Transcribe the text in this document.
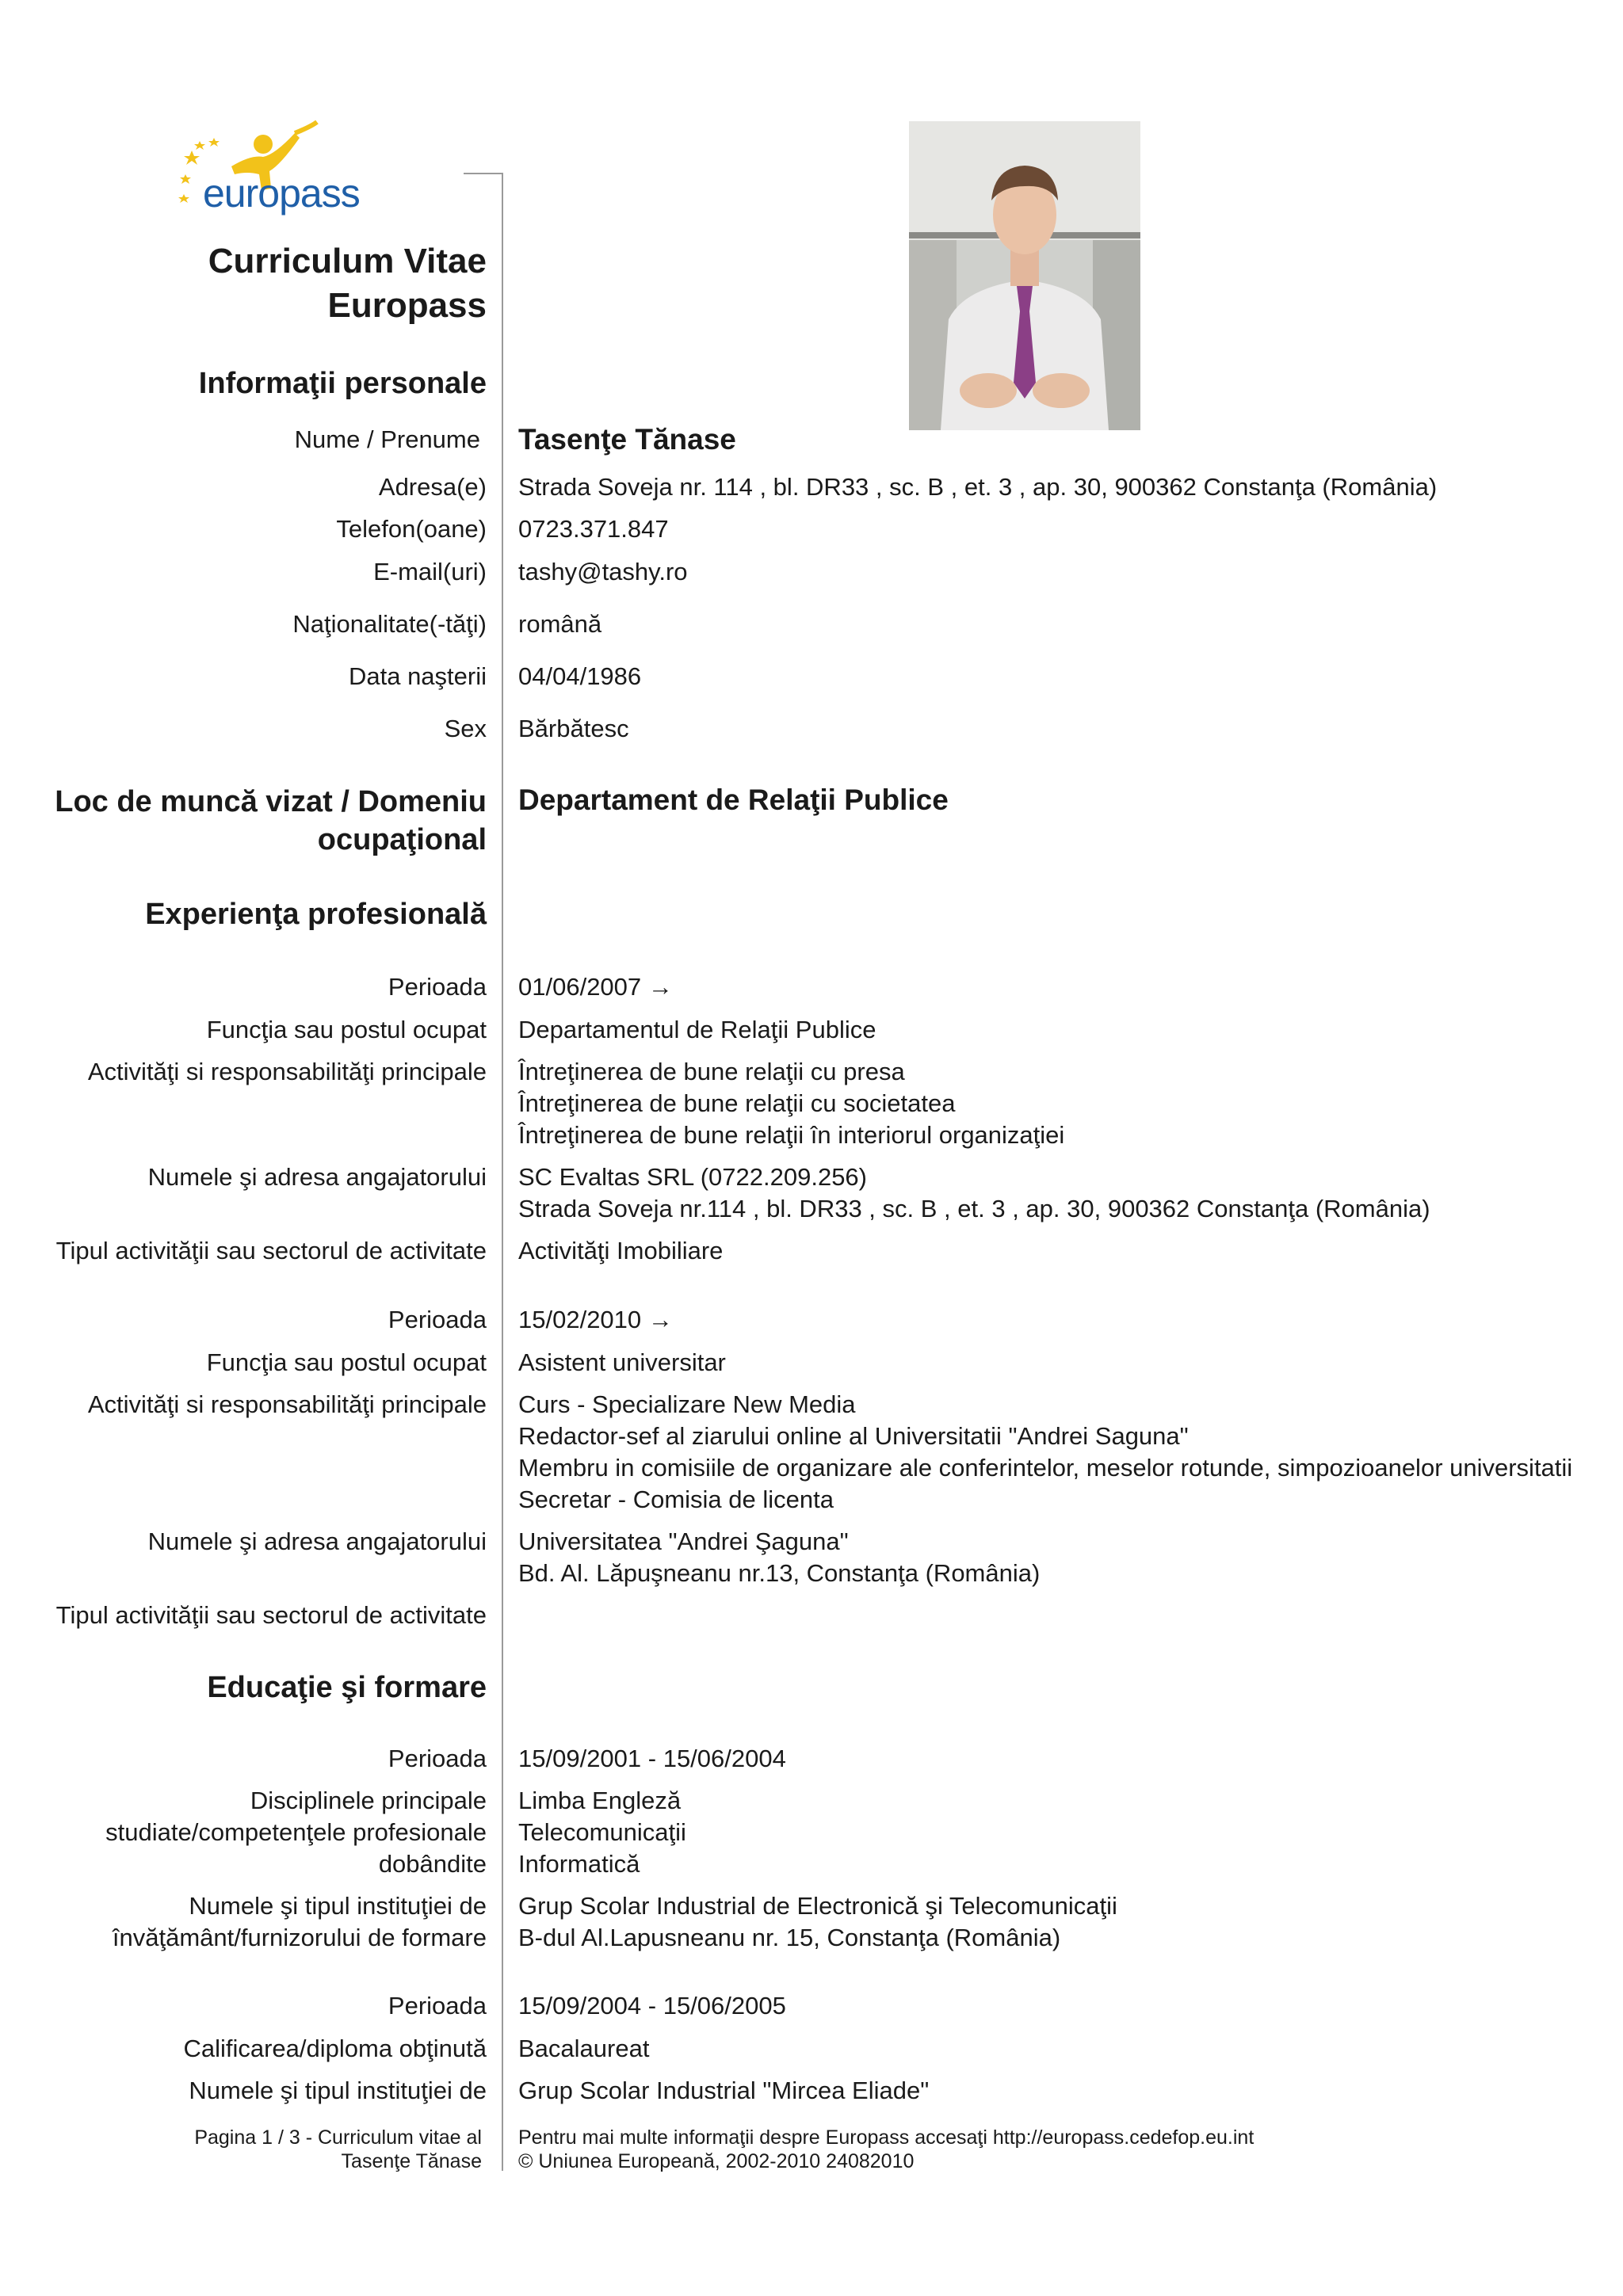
europass
Curriculum Vitae
Europass
Informaţii personale
Nume / Prenume Tasenţe Tănase
Adresa(e) Strada Soveja nr. 114 , bl. DR33 , sc. B , et. 3 , ap. 30, 900362 Constanţa (România)
Telefon(oane) 0723.371.847
E-mail(uri) tashy@tashy.ro
Naţionalitate(-tăţi) română
Data naşterii 04/04/1986
Sex Bărbătesc
Loc de muncă vizat / Domeniu
ocupaţional
Departament de Relaţii Publice
Experienţa profesională
Perioada 01/06/2007 →
Funcţia sau postul ocupat Departamentul de Relaţii Publice
Activităţi si responsabilităţi principale Întreţinerea de bune relaţii cu presa
Întreţinerea de bune relaţii cu societatea
Întreţinerea de bune relaţii în interiorul organizaţiei
Numele şi adresa angajatorului SC Evaltas SRL (0722.209.256)
Strada Soveja nr.114 , bl. DR33 , sc. B , et. 3 , ap. 30, 900362 Constanţa (România)
Tipul activităţii sau sectorul de activitate Activităţi Imobiliare
Perioada 15/02/2010 →
Funcţia sau postul ocupat Asistent universitar
Activităţi si responsabilităţi principale Curs - Specializare New Media
Redactor-sef al ziarului online al Universitatii "Andrei Saguna"
Membru in comisiile de organizare ale conferintelor, meselor rotunde, simpozioanelor universitatii
Secretar - Comisia de licenta
Numele şi adresa angajatorului Universitatea "Andrei Şaguna"
Bd. Al. Lăpuşneanu nr.13, Constanţa (România)
Tipul activităţii sau sectorul de activitate
Educaţie şi formare
Perioada 15/09/2001 - 15/06/2004
Disciplinele principale
studiate/competenţele profesionale
dobândite
Limba Engleză
Telecomunicaţii
Informatică
Numele şi tipul instituţiei de
învăţământ/furnizorului de formare
Grup Scolar Industrial de Electronică şi Telecomunicaţii
B-dul Al.Lapusneanu nr. 15, Constanţa (România)
Perioada 15/09/2004 - 15/06/2005
Calificarea/diploma obţinută Bacalaureat
Numele şi tipul instituţiei de Grup Scolar Industrial "Mircea Eliade"
Pagina 1 / 3 - Curriculum vitae al
Tasenţe Tănase
Pentru mai multe informaţii despre Europass accesaţi http://europass.cedefop.eu.int
© Uniunea Europeană, 2002-2010 24082010
